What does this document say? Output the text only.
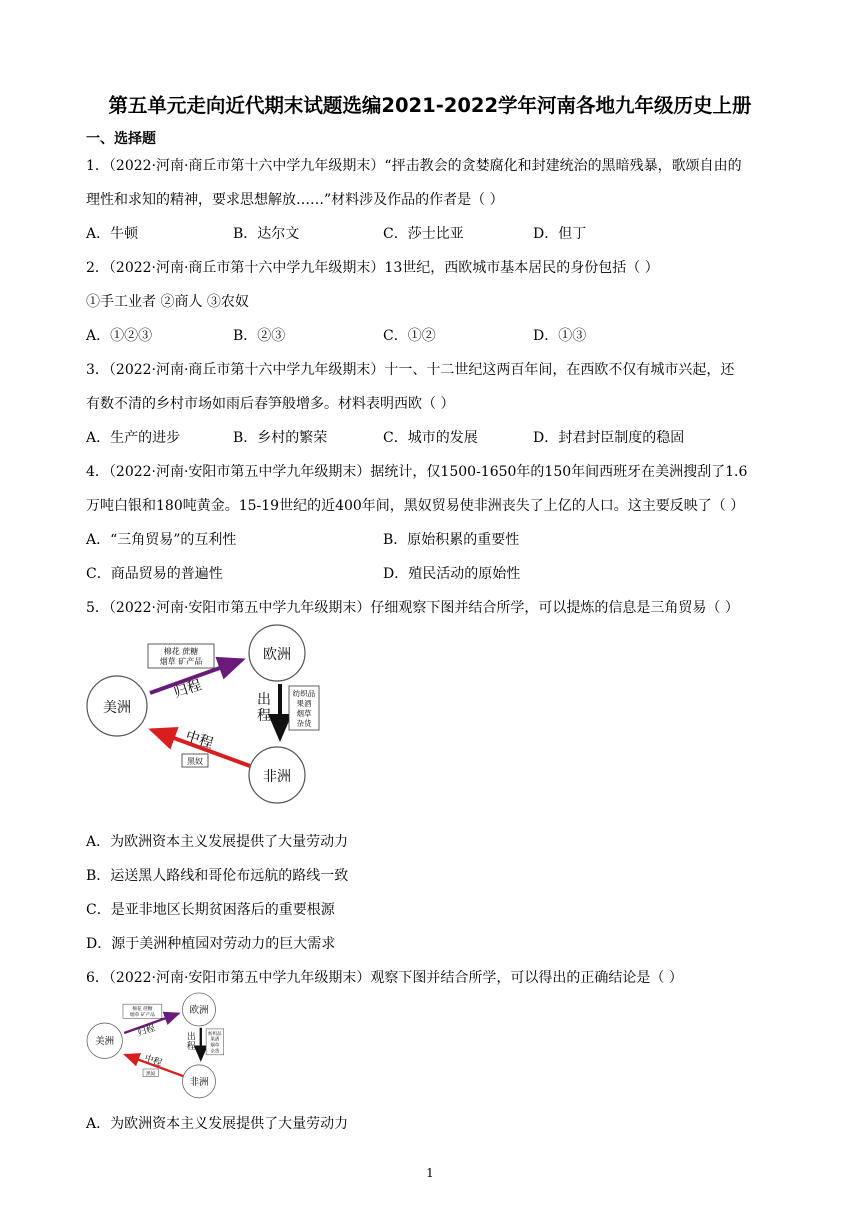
第五单元走向近代期末试题选编2021-2022学年河南各地九年级历史上册
一、选择题
1．（2022·河南·商丘市第十六中学九年级期末）“抨击教会的贪婪腐化和封建统治的黑暗残暴，歌颂自由的
理性和求知的精神，要求思想解放……”材料涉及作品的作者是（ ）
A．牛顿	B．达尔文	C．莎士比亚	D．但丁
2．（2022·河南·商丘市第十六中学九年级期末）13世纪，西欧城市基本居民的身份包括（ ）
①手工业者 ②商人 ③农奴
A．①②③	B．②③	C．①②	D．①③
3．（2022·河南·商丘市第十六中学九年级期末）十一、十二世纪这两百年间，在西欧不仅有城市兴起，还
有数不清的乡村市场如雨后春笋般增多。材料表明西欧（ ）
A．生产的进步	B．乡村的繁荣	C．城市的发展	D．封君封臣制度的稳固
4．（2022·河南·安阳市第五中学九年级期末）据统计，仅1500-1650年的150年间西班牙在美洲搜刮了1.6
万吨白银和180吨黄金。15-19世纪的近400年间，黑奴贸易使非洲丧失了上亿的人口。这主要反映了（ ）
A．“三角贸易”的互利性	B．原始积累的重要性
C．商品贸易的普遍性	D．殖民活动的原始性
5．（2022·河南·安阳市第五中学九年级期末）仔细观察下图并结合所学，可以提炼的信息是三角贸易（ ）
美洲
欧洲
非洲
棉花 蔗糖
烟草 矿产品
归程	出
程
纺织品
果酒
烟草
杂货
中程
黑奴
A．为欧洲资本主义发展提供了大量劳动力
B．运送黑人路线和哥伦布远航的路线一致
C．是亚非地区长期贫困落后的重要根源
D．源于美洲种植园对劳动力的巨大需求
6．（2022·河南·安阳市第五中学九年级期末）观察下图并结合所学，可以得出的正确结论是（ ）
美洲
欧洲
非洲
棉花 蔗糖
烟草 矿产品
归程 出
程
纺织品
果酒
烟草
杂货
中程
黑奴
A．为欧洲资本主义发展提供了大量劳动力
1
